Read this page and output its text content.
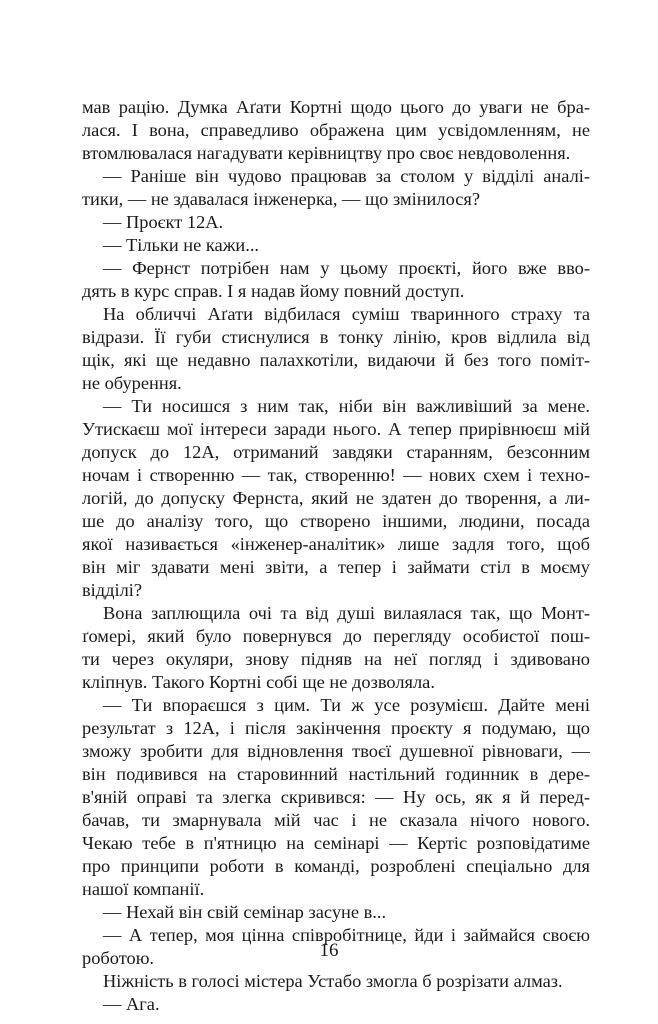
мав рацію. Думка Аґати Кортні щодо цього до уваги не бра-
лася. І вона, справедливо ображена цим усвідомленням, не
втомлювалася нагадувати керівництву про своє невдоволення.
— Раніше він чудово працював за столом у відділі аналі-
тики, — не здавалася інженерка, — що змінилося?
— Проєкт 12А.
— Тільки не кажи...
— Фернст потрібен нам у цьому проєкті, його вже вво-
дять в курс справ. І я надав йому повний доступ.
На обличчі Аґати відбилася суміш тваринного страху та
відрази. Її губи стиснулися в тонку лінію, кров відлила від
щік, які ще недавно палахкотіли, видаючи й без того поміт-
не обурення.
— Ти носишся з ним так, ніби він важливіший за мене.
Утискаєш мої інтереси заради нього. А тепер прирівнюєш мій
допуск до 12А, отриманий завдяки старанням, безсонним
ночам і створенню — так, створенню! — нових схем і техно-
логій, до допуску Фернста, який не здатен до творення, а ли-
ше до аналізу того, що створено іншими, людини, посада
якої називається «інженер-аналітик» лише задля того, щоб
він міг здавати мені звіти, а тепер і займати стіл в моєму
відділі?
Вона заплющила очі та від душі вилаялася так, що Монт-
ґомері, який було повернувся до перегляду особистої пош-
ти через окуляри, знову підняв на неї погляд і здивовано
кліпнув. Такого Кортні собі ще не дозволяла.
— Ти впораєшся з цим. Ти ж усе розумієш. Дайте мені
результат з 12А, і після закінчення проєкту я подумаю, що
зможу зробити для відновлення твоєї душевної рівноваги, —
він подивився на старовинний настільний годинник в дере-
в'яній оправі та злегка скривився: — Ну ось, як я й перед-
бачав, ти змарнувала мій час і не сказала нічого нового.
Чекаю тебе в п'ятницю на семінарі — Кертіс розповідатиме
про принципи роботи в команді, розроблені спеціально для
нашої компанії.
— Нехай він свій семінар засуне в...
— А тепер, моя цінна співробітнице, йди і займайся своєю
роботою.
Ніжність в голосі містера Устабо змогла б розрізати алмаз.
— Ага.
16
